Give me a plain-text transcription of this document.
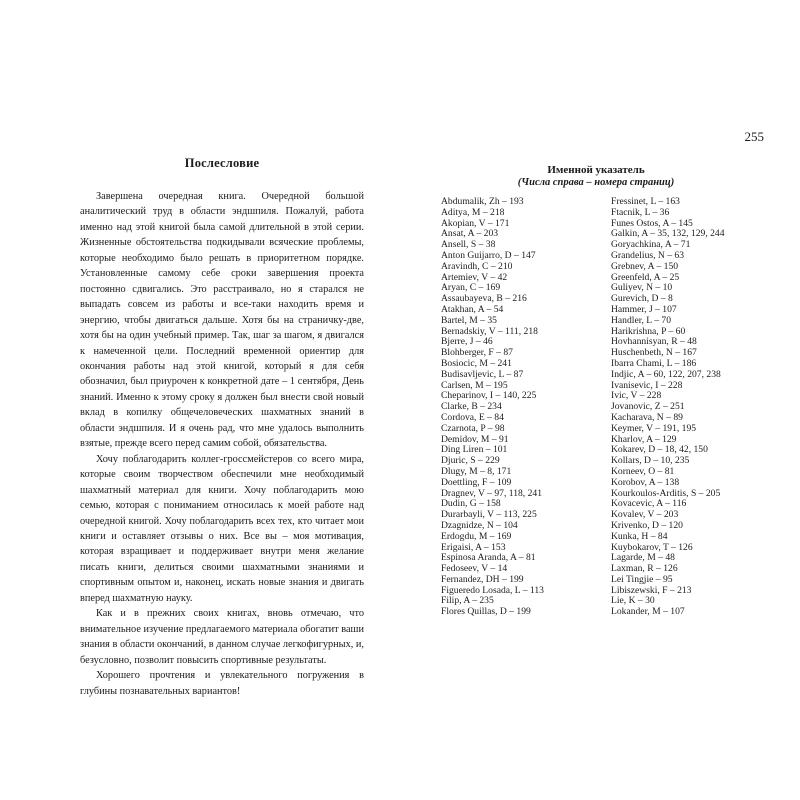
255
Послесловие

Завершена очередная книга. Очередной большой аналитический труд в области эндшпиля. Пожалуй, работа именно над этой книгой была самой длительной в этой серии. Жизненные обстоятельства подкидывали всяческие проблемы, которые необходимо было решать в приоритетном порядке. Установленные самому себе сроки завершения проекта постоянно сдвигались. Это расстраивало, но я старался не выпадать совсем из работы и все-таки находить время и энергию, чтобы двигаться дальше. Хотя бы на страничку-две, хотя бы на один учебный пример. Так, шаг за шагом, я двигался к намеченной цели. Последний временной ориентир для окончания работы над этой книгой, который я для себя обозначил, был приурочен к конкретной дате – 1 сентября, День знаний. Именно к этому сроку я должен был внести свой новый вклад в копилку общечеловеческих шахматных знаний в области эндшпиля. И я очень рад, что мне удалось выполнить взятые, прежде всего перед самим собой, обязательства.

Хочу поблагодарить коллег-гроссмейстеров со всего мира, которые своим творчеством обеспечили мне необходимый шахматный материал для книги. Хочу поблагодарить мою семью, которая с пониманием относилась к моей работе над очередной книгой. Хочу поблагодарить всех тех, кто читает мои книги и оставляет отзывы о них. Все вы – моя мотивация, которая взращивает и поддерживает внутри меня желание писать книги, делиться своими шахматными знаниями и спортивным опытом и, наконец, искать новые знания и двигать вперед шахматную науку.

Как и в прежних своих книгах, вновь отмечаю, что внимательное изучение предлагаемого материала обогатит ваши знания в области окончаний, в данном случае легкофигурных, и, безусловно, позволит повысить спортивные результаты.

Хорошего прочтения и увлекательного погружения в глубины познавательных вариантов!

Именной указатель
(Числа справа – номера страниц)
Abdumalik, Zh – 193
Aditya, M – 218
Akopian, V – 171
Ansat, A – 203
Ansell, S – 38
Anton Guijarro, D – 147
Aravindh, C – 210
Artemiev, V – 42
Aryan, C – 169
Assaubayeva, B – 216
Atakhan, A – 54
Bartel, M – 35
Bernadskiy, V – 111, 218
Bjerre, J – 46
Blohberger, F – 87
Bosiocic, M – 241
Budisavljevic, L – 87
Carlsen, M – 195
Cheparinov, I – 140, 225
Clarke, B – 234
Cordova, E – 84
Czarnota, P – 98
Demidov, M – 91
Ding Liren – 101
Djuric, S – 229
Dlugy, M – 8, 171
Doettling, F – 109
Dragnev, V – 97, 118, 241
Dudin, G – 158
Durarbayli, V – 113, 225
Dzagnidze, N – 104
Erdogdu, M – 169
Erigaisi, A – 153
Espinosa Aranda, A – 81
Fedoseev, V – 14
Fernandez, DH – 199
Figueredo Losada, L – 113
Filip, A – 235
Flores Quillas, D – 199
Fressinet, L – 163
Ftacnik, L – 36
Funes Ostos, A – 145
Galkin, A – 35, 132, 129, 244
Goryachkina, A – 71
Grandelius, N – 63
Grebnev, A – 150
Greenfeld, A – 25
Guliyev, N – 10
Gurevich, D – 8
Hammer, J – 107
Handler, L – 70
Harikrishna, P – 60
Hovhannisyan, R – 48
Huschenbeth, N – 167
Ibarra Chami, L – 186
Indjic, A – 60, 122, 207, 238
Ivanisevic, I – 228
Ivic, V – 228
Jovanovic, Z – 251
Kacharava, N – 89
Keymer, V – 191, 195
Kharlov, A – 129
Kokarev, D – 18, 42, 150
Kollars, D – 10, 235
Korneev, O – 81
Korobov, A – 138
Kourkoulos-Arditis, S – 205
Kovacevic, A – 116
Kovalev, V – 203
Krivenko, D – 120
Kunka, H – 84
Kuybokarov, T – 126
Lagarde, M – 48
Laxman, R – 126
Lei Tingjie – 95
Libiszewski, F – 213
Lie, K – 30
Lokander, M – 107
